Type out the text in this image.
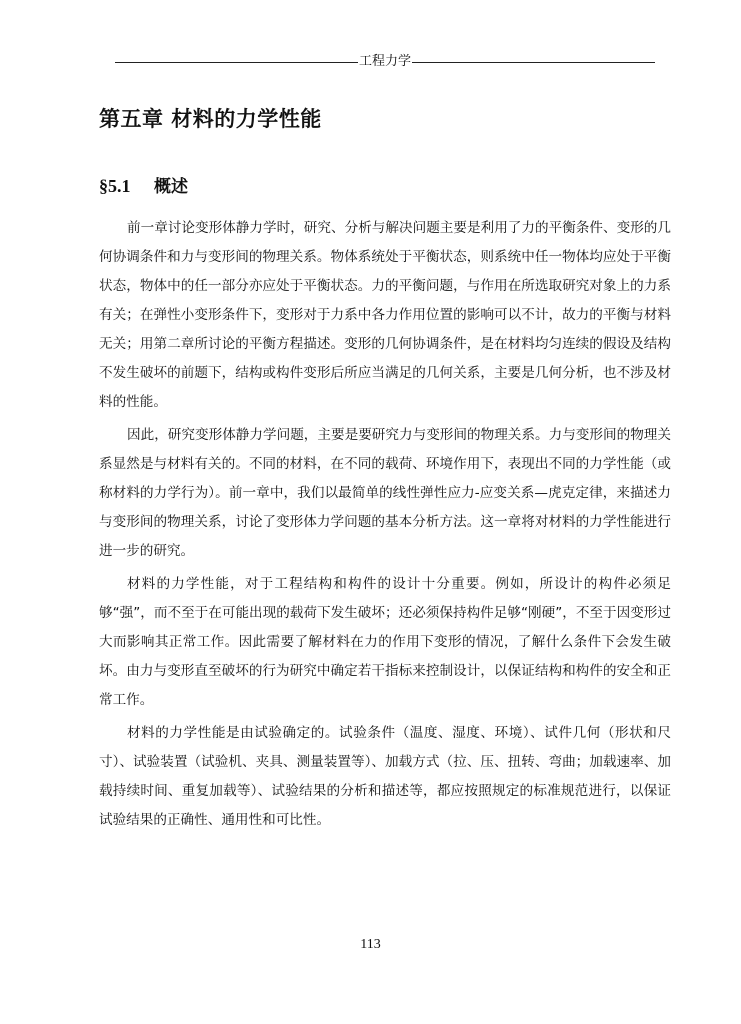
工程力学
第五章 材料的力学性能
§5.1	概述

前一章讨论变形体静力学时，研究、分析与解决问题主要是利用了力的平衡条件、变形的几何协调条件和力与变形间的物理关系。物体系统处于平衡状态，则系统中任一物体均应处于平衡状态，物体中的任一部分亦应处于平衡状态。力的平衡问题，与作用在所选取研究对象上的力系有关；在弹性小变形条件下，变形对于力系中各力作用位置的影响可以不计，故力的平衡与材料无关；用第二章所讨论的平衡方程描述。变形的几何协调条件，是在材料均匀连续的假设及结构不发生破坏的前题下，结构或构件变形后所应当满足的几何关系，主要是几何分析，也不涉及材料的性能。

因此，研究变形体静力学问题，主要是要研究力与变形间的物理关系。力与变形间的物理关系显然是与材料有关的。不同的材料，在不同的载荷、环境作用下，表现出不同的力学性能（或称材料的力学行为）。前一章中，我们以最简单的线性弹性应力-应变关系—虎克定律，来描述力与变形间的物理关系，讨论了变形体力学问题的基本分析方法。这一章将对材料的力学性能进行进一步的研究。

材料的力学性能，对于工程结构和构件的设计十分重要。例如，所设计的构件必须足够“强”，而不至于在可能出现的载荷下发生破坏；还必须保持构件足够“刚硬”，不至于因变形过大而影响其正常工作。因此需要了解材料在力的作用下变形的情况，了解什么条件下会发生破坏。由力与变形直至破坏的行为研究中确定若干指标来控制设计，以保证结构和构件的安全和正常工作。

材料的力学性能是由试验确定的。试验条件（温度、湿度、环境）、试件几何（形状和尺寸）、试验装置（试验机、夹具、测量装置等）、加载方式（拉、压、扭转、弯曲；加载速率、加载持续时间、重复加载等）、试验结果的分析和描述等，都应按照规定的标准规范进行，以保证试验结果的正确性、通用性和可比性。

113
